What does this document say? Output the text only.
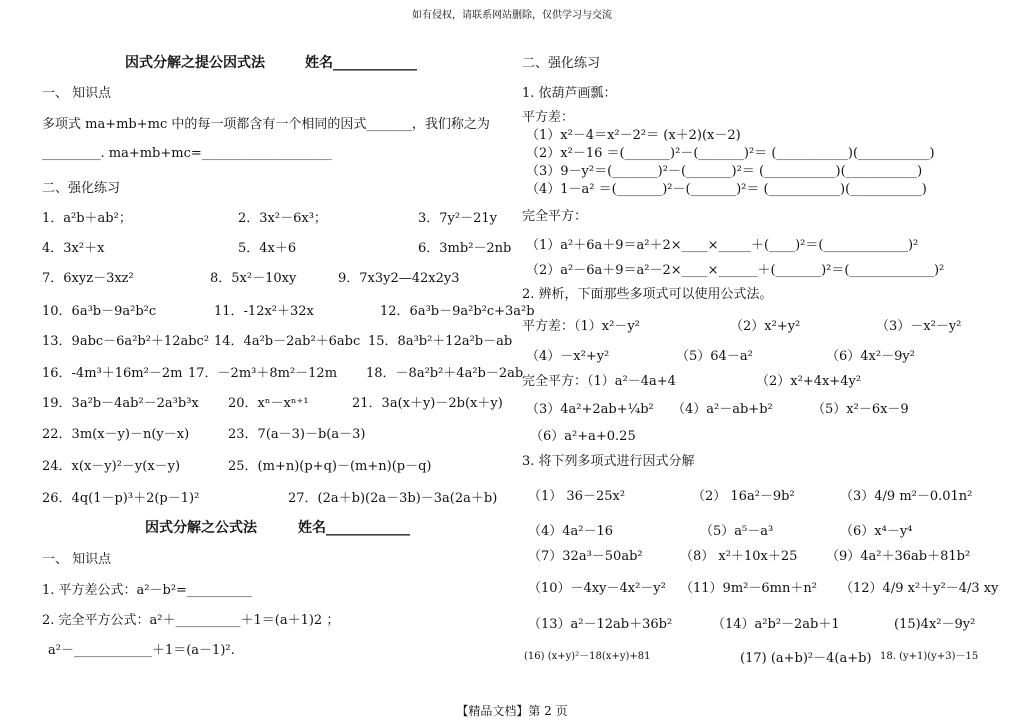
如有侵权，请联系网站删除，仅供学习与交流
因式分解之提公因式法	姓名____________
一、 知识点
多项式 ma+mb+mc 中的每一项都含有一个相同的因式_______，我们称之为
_________. ma+mb+mc=____________________
二、强化练习
1．a²b＋ab²；	2．3x²－6x³；	3．7y²－21y
4．3x²＋x	5．4x＋6	6．3mb²－2nb
7．6xyz－3xz²	8．5x²－10xy	9．7x3y2—42x2y3
10．6a³b－9a²b²c	11．-12x²＋32x	12．6a³b－9a²b²c+3a²b
13．9abc－6a²b²＋12abc² 14．4a²b－2ab²＋6abc 15．8a³b²＋12a²b－ab
16．-4m³＋16m²－2m 17．－2m³＋8m²－12m 18．－8a²b²＋4a²b－2ab
19．3a²b－4ab²－2a³b³x 20．xⁿ－xⁿ⁺¹	21．3a(x＋y)－2b(x＋y)
22．3m(x－y)－n(y－x)	23．7(a－3)－b(a－3)
24．x(x－y)²－y(x－y)	25．(m+n)(p+q)－(m+n)(p－q)
26．4q(1－p)³＋2(p－1)²	27．(2a＋b)(2a－3b)－3a(2a＋b)
因式分解之公式法	姓名____________
一、 知识点
1. 平方差公式：a²－b²=__________
2. 完全平方公式：a²＋__________＋1＝(a＋1)2 ；
a²－____________＋1＝(a－1)².
二、强化练习
1. 依葫芦画瓢：
平方差：
（1）x²－4＝x²－2²＝ (x＋2)(x－2)
（2）x²－16 ＝(_______)²－(_______)²＝ (___________)(___________)
（3）9－y²＝(_______)²－(_______)²＝ (___________)(___________)
（4）1－a² ＝(_______)²－(_______)²＝ (___________)(___________)
完全平方：
（1）a²＋6a＋9＝a²＋2×____×_____＋(____)²＝(_____________)²
（2）a²－6a＋9＝a²－2×____×______＋(_______)²＝(_____________)²
2. 辨析，下面那些多项式可以使用公式法。
平方差：（1）x²－y²	（2）x²+y²	（3）－x²－y²
（4）－x²+y²	（5）64－a²	（6）4x²－9y²
完全平方：（1）a²－4a+4	（2）x²+4x+4y²
（3）4a²+2ab+¼b² （4）a²－ab+b²	（5）x²－6x－9
（6）a²+a+0.25
3. 将下列多项式进行因式分解
（1） 36－25x²	（2） 16a²－9b²	（3）4/9 m²－0.01n²
（4）4a²－16	（5）a⁵－a³	（6）x⁴－y⁴
（7）32a³－50ab²	（8） x²＋10x＋25 （9）4a²＋36ab＋81b²
（10）－4xy－4x²－y² （11）9m²－6mn＋n² （12）4/9 x²＋y²－4/3 xy
（13）a²－12ab＋36b²	（14）a²b²－2ab＋1	(15)4x²－9y²
(16) (x+y)²－18(x+y)+81	(17) (a+b)²－4(a+b) 18. (y+1)(y+3)－15
【精品文档】第 2 页
